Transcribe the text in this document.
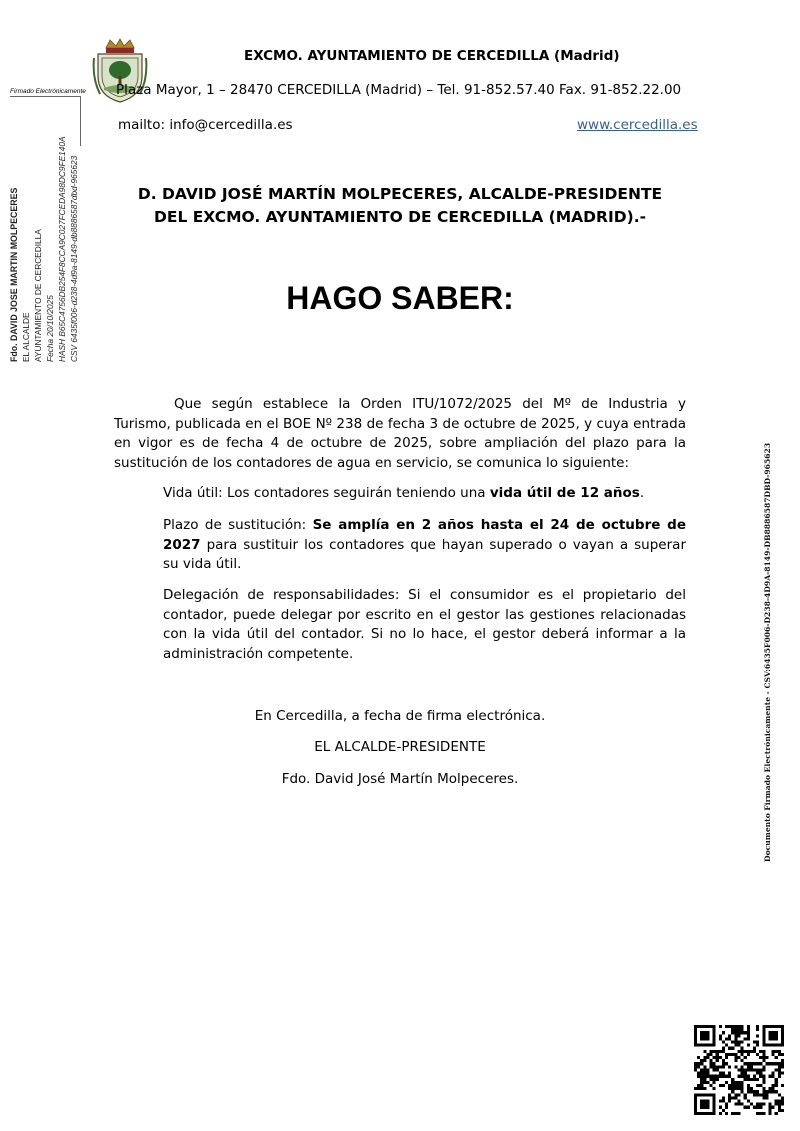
EXCMO. AYUNTAMIENTO DE CERCEDILLA (Madrid)
Plaza Mayor, 1 – 28470 CERCEDILLA (Madrid) – Tel. 91-852.57.40 Fax. 91-852.22.00
mailto: info@cercedilla.es	www.cercedilla.es
Firmado Electrónicamente
Fdo. DAVID JOSE MARTIN MOLPECERES EL ALCALDE AYUNTAMIENTO DE CERCEDILLA Fecha 20/10/2025 HASH B65C4756DB254F8CCA9C027FCEDA98DC9FE140A CSV 6435f006-d238-4d9a-8149-db8886587dbd-965623
Documento Firmado Electrónicamente - CSV:6435F006-D238-4D9A-8149-DB8886587DBD-965623
D. DAVID JOSÉ MARTÍN MOLPECERES, ALCALDE-PRESIDENTE
DEL EXCMO. AYUNTAMIENTO DE CERCEDILLA (MADRID).-
HAGO SABER:
Que según establece la Orden ITU/1072/2025 del Mº de Industria y Turismo, publicada en el BOE Nº 238 de fecha 3 de octubre de 2025, y cuya entrada en vigor es de fecha 4 de octubre de 2025, sobre ampliación del plazo para la sustitución de los contadores de agua en servicio, se comunica lo siguiente:
Vida útil: Los contadores seguirán teniendo una vida útil de 12 años.
Plazo de sustitución: Se amplía en 2 años hasta el 24 de octubre de 2027 para sustituir los contadores que hayan superado o vayan a superar su vida útil.
Delegación de responsabilidades: Si el consumidor es el propietario del contador, puede delegar por escrito en el gestor las gestiones relacionadas con la vida útil del contador. Si no lo hace, el gestor deberá informar a la administración competente.
En Cercedilla, a fecha de firma electrónica.
EL ALCALDE-PRESIDENTE
Fdo. David José Martín Molpeceres.
